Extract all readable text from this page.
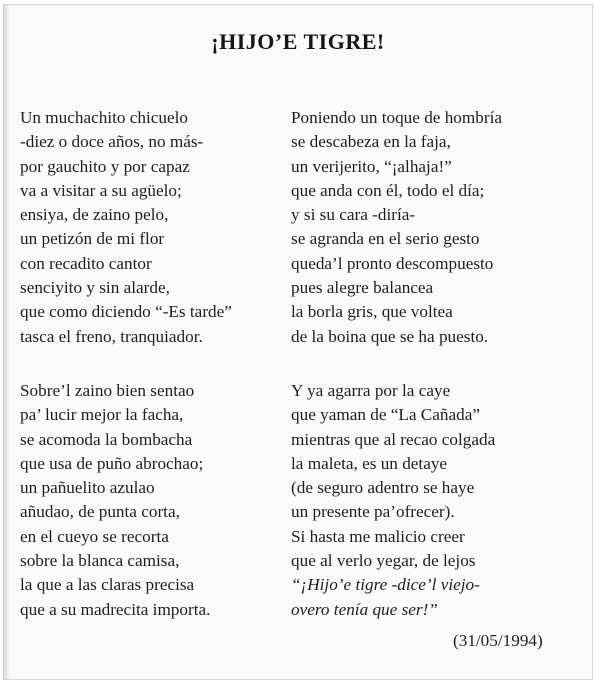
¡HIJO’E TIGRE!
Un muchachito chicuelo
-diez o doce años, no más-
por gauchito y por capaz
va a visitar a su agüelo;
ensiya, de zaino pelo,
un petizón de mi flor
con recadito cantor
senciyito y sin alarde,
que como diciendo “-Es tarde”
tasca el freno, tranquiador.
Poniendo un toque de hombría
se descabeza en la faja,
un verijerito, “¡alhaja!”
que anda con él, todo el día;
y si su cara -diría-
se agranda en el serio gesto
queda’l pronto descompuesto
pues alegre balancea
la borla gris, que voltea
de la boina que se ha puesto.
Sobre’l zaino bien sentao
pa’ lucir mejor la facha,
se acomoda la bombacha
que usa de puño abrochao;
un pañuelito azulao
añudao, de punta corta,
en el cueyo se recorta
sobre la blanca camisa,
la que a las claras precisa
que a su madrecita importa.
Y ya agarra por la caye
que yaman de “La Cañada”
mientras que al recao colgada
la maleta, es un detaye
(de seguro adentro se haye
un presente pa’ofrecer).
Si hasta me malicio creer
que al verlo yegar, de lejos
“¡Hijo’e tigre -dice’l viejo-
overo tenía que ser!”
(31/05/1994)
